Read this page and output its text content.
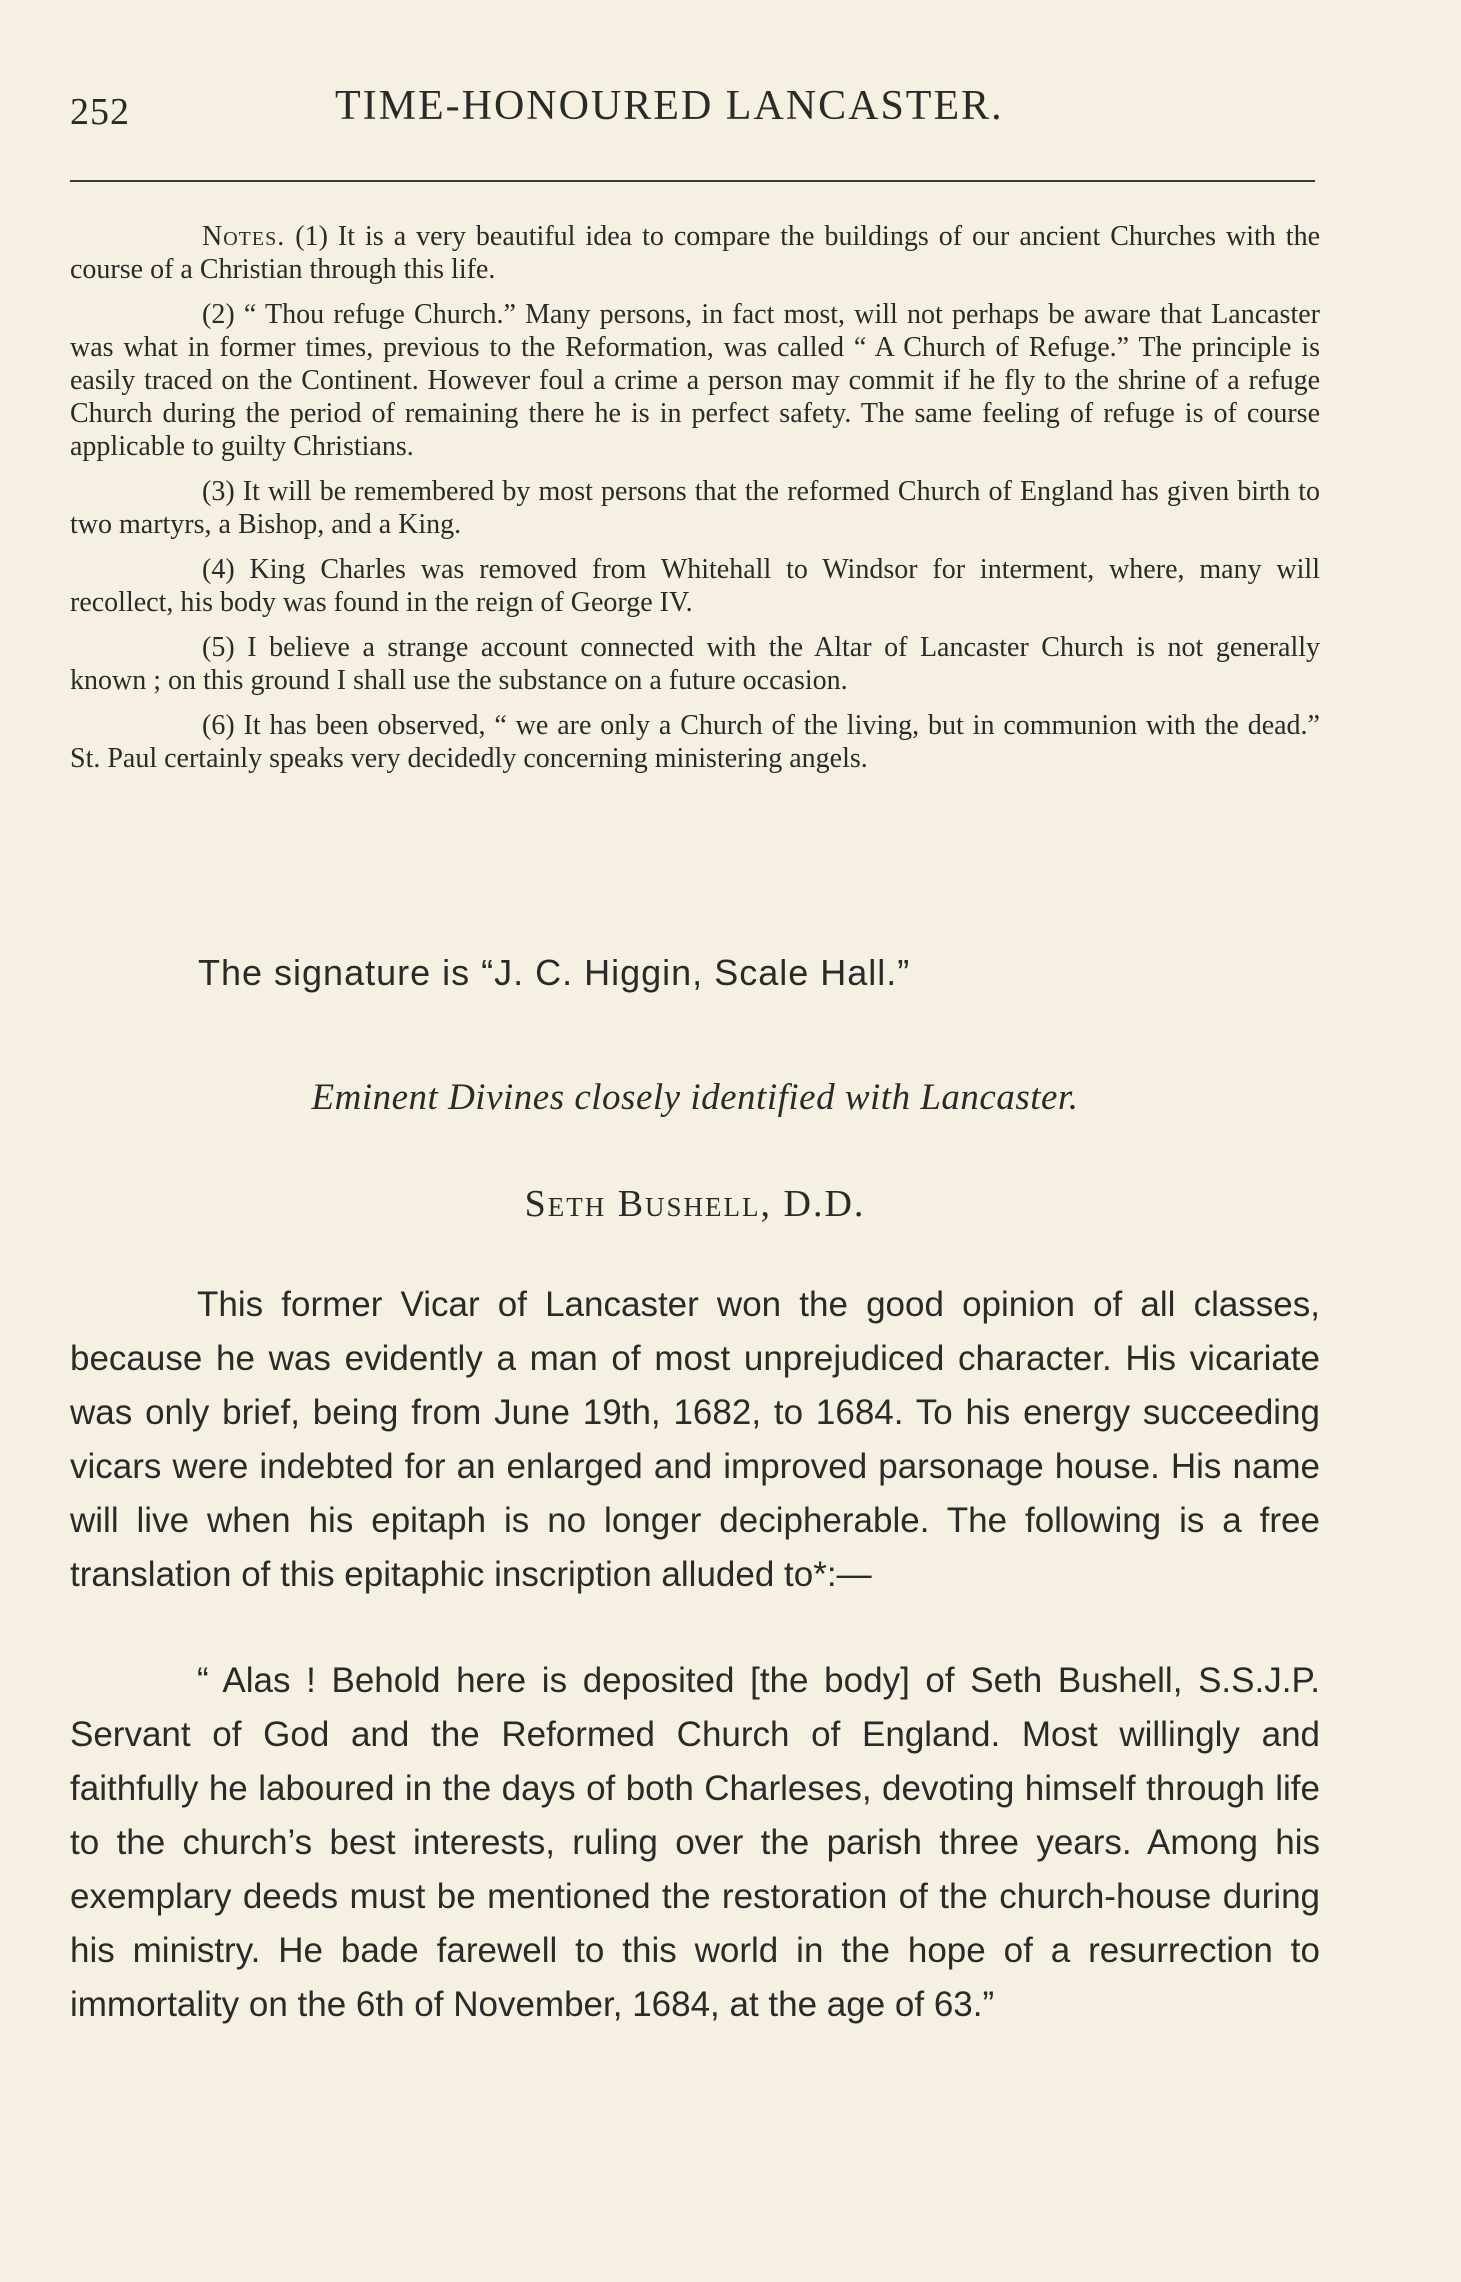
252	TIME-HONOURED LANCASTER.

Notes. (1) It is a very beautiful idea to compare the buildings of our ancient Churches with the course of a Christian through this life.

(2) “ Thou refuge Church.” Many persons, in fact most, will not perhaps be aware that Lancaster was what in former times, previous to the Reformation, was called “ A Church of Refuge.” The principle is easily traced on the Continent. However foul a crime a person may commit if he fly to the shrine of a refuge Church during the period of remaining there he is in perfect safety. The same feeling of refuge is of course applicable to guilty Christians.

(3) It will be remembered by most persons that the reformed Church of England has given birth to two martyrs, a Bishop, and a King.

(4) King Charles was removed from Whitehall to Windsor for interment, where, many will recollect, his body was found in the reign of George IV.

(5) I believe a strange account connected with the Altar of Lancaster Church is not generally known ; on this ground I shall use the substance on a future occasion.

(6) It has been observed, “ we are only a Church of the living, but in communion with the dead.” St. Paul certainly speaks very decidedly concerning ministering angels.

The signature is “J. C. Higgin, Scale Hall.”
Eminent Divines closely identified with Lancaster.
Seth Bushell, D.D.

This former Vicar of Lancaster won the good opinion of all classes, because he was evidently a man of most unprejudiced character. His vicariate was only brief, being from June 19th, 1682, to 1684. To his energy succeeding vicars were indebted for an enlarged and improved parsonage house. His name will live when his epitaph is no longer decipherable. The following is a free translation of this epitaphic inscription alluded to*:—

“ Alas ! Behold here is deposited [the body] of Seth Bushell, S.S.J.P. Servant of God and the Reformed Church of England. Most willingly and faithfully he laboured in the days of both Charleses, devoting himself through life to the church’s best interests, ruling over the parish three years. Among his exemplary deeds must be mentioned the restoration of the church-house during his ministry. He bade farewell to this world in the hope of a resurrection to immortality on the 6th of November, 1684, at the age of 63.”
